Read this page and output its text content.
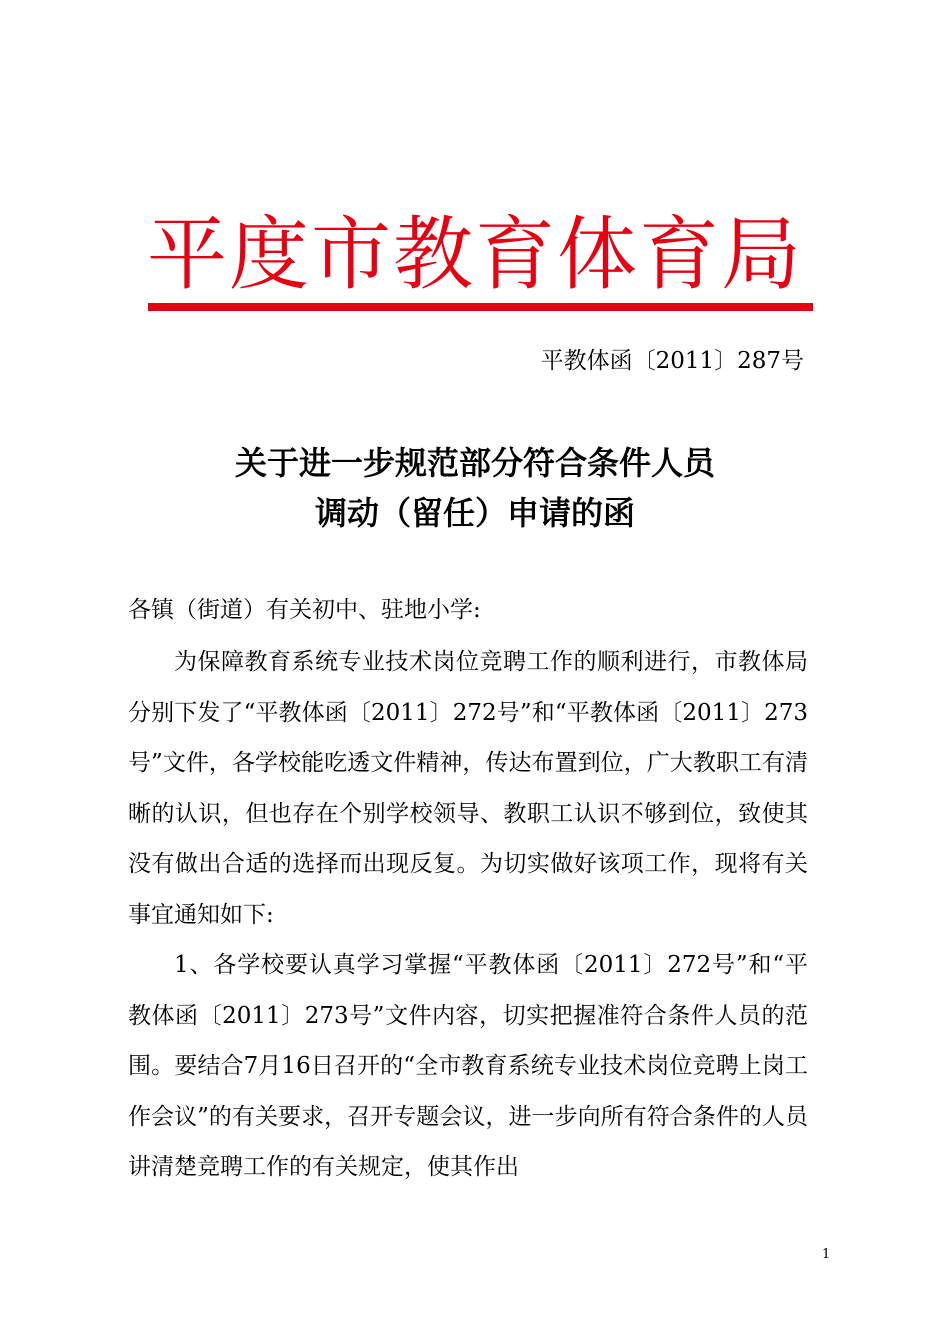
平度市教育体育局
平教体函〔2011〕287号
关于进一步规范部分符合条件人员
调动（留任）申请的函
各镇（街道）有关初中、驻地小学:

为保障教育系统专业技术岗位竞聘工作的顺利进行，市教体局分别下发了“平教体函〔2011〕272号”和“平教体函〔2011〕273号”文件，各学校能吃透文件精神，传达布置到位，广大教职工有清晰的认识，但也存在个别学校领导、教职工认识不够到位，致使其没有做出合适的选择而出现反复。为切实做好该项工作，现将有关事宜通知如下:

1、各学校要认真学习掌握“平教体函〔2011〕272号”和“平教体函〔2011〕273号”文件内容，切实把握准符合条件人员的范围。要结合7月16日召开的“全市教育系统专业技术岗位竞聘上岗工作会议”的有关要求，召开专题会议，进一步向所有符合条件的人员讲清楚竞聘工作的有关规定，使其作出

1
